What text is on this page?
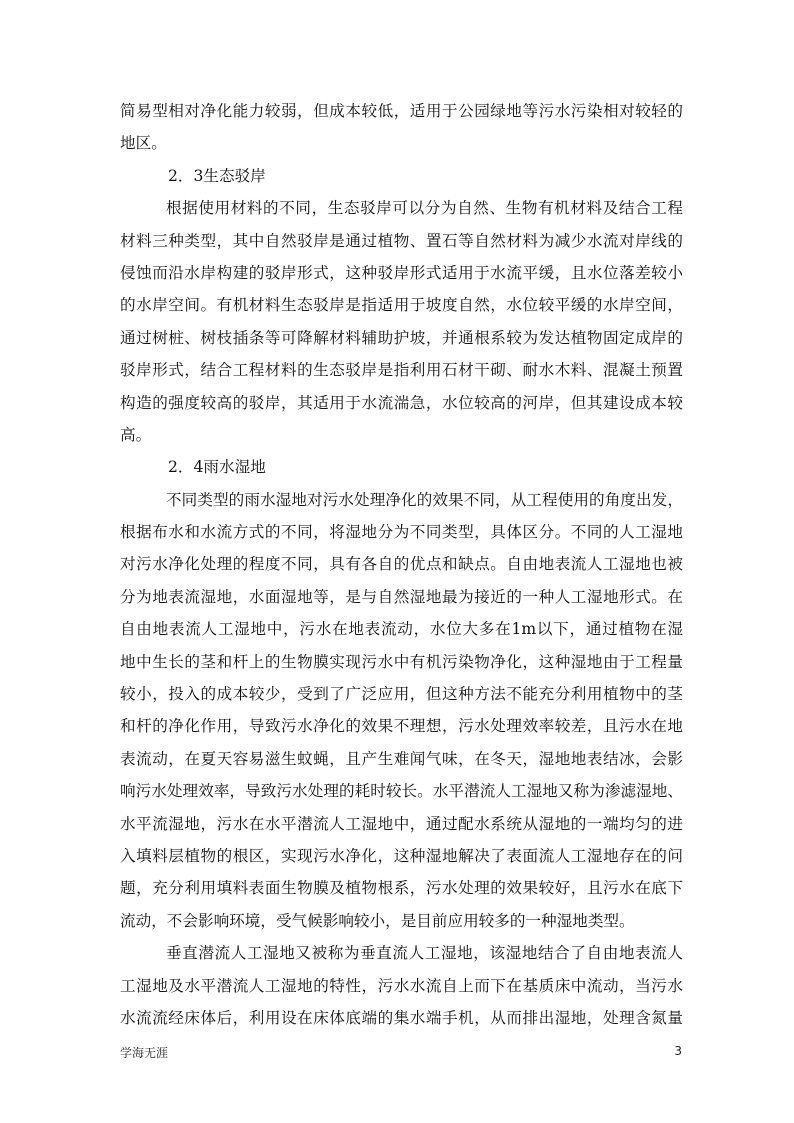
简易型相对净化能力较弱，但成本较低，适用于公园绿地等污水污染相对较轻的
地区。
2．3生态驳岸
根据使用材料的不同，生态驳岸可以分为自然、生物有机材料及结合工程
材料三种类型，其中自然驳岸是通过植物、置石等自然材料为减少水流对岸线的
侵蚀而沿水岸构建的驳岸形式，这种驳岸形式适用于水流平缓，且水位落差较小
的水岸空间。有机材料生态驳岸是指适用于坡度自然，水位较平缓的水岸空间，
通过树桩、树枝插条等可降解材料辅助护坡，并通根系较为发达植物固定成岸的
驳岸形式，结合工程材料的生态驳岸是指利用石材干砌、耐水木料、混凝土预置
构造的强度较高的驳岸，其适用于水流湍急，水位较高的河岸，但其建设成本较
高。
2．4雨水湿地
不同类型的雨水湿地对污水处理净化的效果不同，从工程使用的角度出发，
根据布水和水流方式的不同，将湿地分为不同类型，具体区分。不同的人工湿地
对污水净化处理的程度不同，具有各自的优点和缺点。自由地表流人工湿地也被
分为地表流湿地，水面湿地等，是与自然湿地最为接近的一种人工湿地形式。在
自由地表流人工湿地中，污水在地表流动，水位大多在1m以下，通过植物在湿
地中生长的茎和杆上的生物膜实现污水中有机污染物净化，这种湿地由于工程量
较小，投入的成本较少，受到了广泛应用，但这种方法不能充分利用植物中的茎
和杆的净化作用，导致污水净化的效果不理想，污水处理效率较差，且污水在地
表流动，在夏天容易滋生蚊蝇，且产生难闻气味，在冬天，湿地地表结冰，会影
响污水处理效率，导致污水处理的耗时较长。水平潜流人工湿地又称为渗滤湿地、
水平流湿地，污水在水平潜流人工湿地中，通过配水系统从湿地的一端均匀的进
入填料层植物的根区，实现污水净化，这种湿地解决了表面流人工湿地存在的问
题，充分利用填料表面生物膜及植物根系，污水处理的效果较好，且污水在底下
流动，不会影响环境，受气候影响较小，是目前应用较多的一种湿地类型。
垂直潜流人工湿地又被称为垂直流人工湿地，该湿地结合了自由地表流人
工湿地及水平潜流人工湿地的特性，污水水流自上而下在基质床中流动，当污水
水流流经床体后，利用设在床体底端的集水端手机，从而排出湿地，处理含氮量
学海无涯	3
